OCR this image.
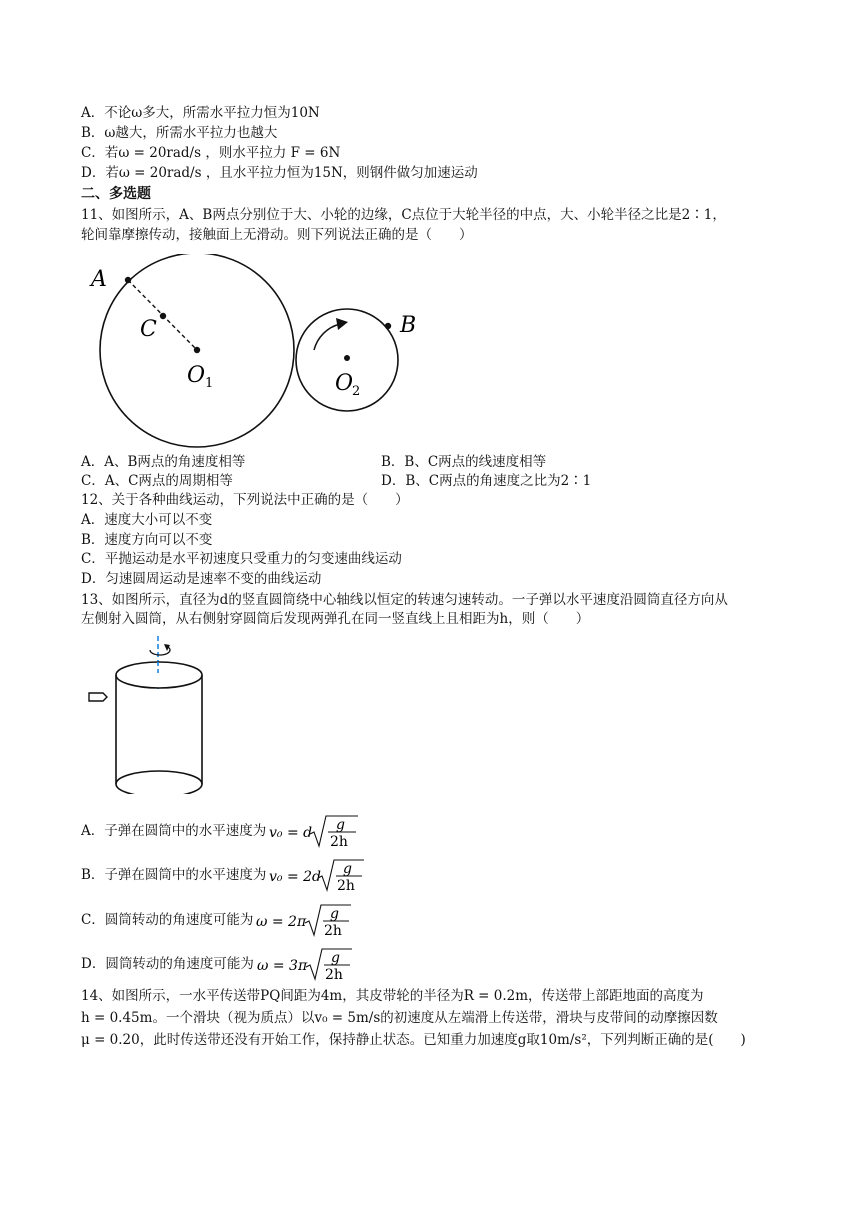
A．不论ω多大，所需水平拉力恒为10N
B．ω越大，所需水平拉力也越大
C．若ω = 20rad/s ，则水平拉力 F = 6N
D．若ω = 20rad/s ，且水平拉力恒为15N，则钢件做匀加速运动
二、多选题
11、如图所示，A、B两点分别位于大、小轮的边缘，C点位于大轮半径的中点，大、小轮半径之比是2∶1，
轮间靠摩擦传动，接触面上无滑动。则下列说法正确的是（　　）
A
C
O 1
B
O
2
A．A、B两点的角速度相等	B．B、C两点的线速度相等
C．A、C两点的周期相等	D．B、C两点的角速度之比为2∶1
12、关于各种曲线运动，下列说法中正确的是（　　）
A．速度大小可以不变
B．速度方向可以不变
C．平抛运动是水平初速度只受重力的匀变速曲线运动
D．匀速圆周运动是速率不变的曲线运动
13、如图所示，直径为d的竖直圆筒绕中心轴线以恒定的转速匀速转动。一子弹以水平速度沿圆筒直径方向从
左侧射入圆筒，从右侧射穿圆筒后发现两弹孔在同一竖直线上且相距为h，则（　　）
A．子弹在圆筒中的水平速度为 v₀ = d g
2h
B．子弹在圆筒中的水平速度为 v₀ = 2d g
2h
C．圆筒转动的角速度可能为 ω = 2π g
2h
D．圆筒转动的角速度可能为 ω = 3π g
2h
14、如图所示，一水平传送带PQ间距为4m，其皮带轮的半径为R = 0.2m，传送带上部距地面的高度为
h = 0.45m。一个滑块（视为质点）以v₀ = 5m/s的初速度从左端滑上传送带，滑块与皮带间的动摩擦因数
μ = 0.20，此时传送带还没有开始工作，保持静止状态。已知重力加速度g取10m/s²，下列判断正确的是(　　)
